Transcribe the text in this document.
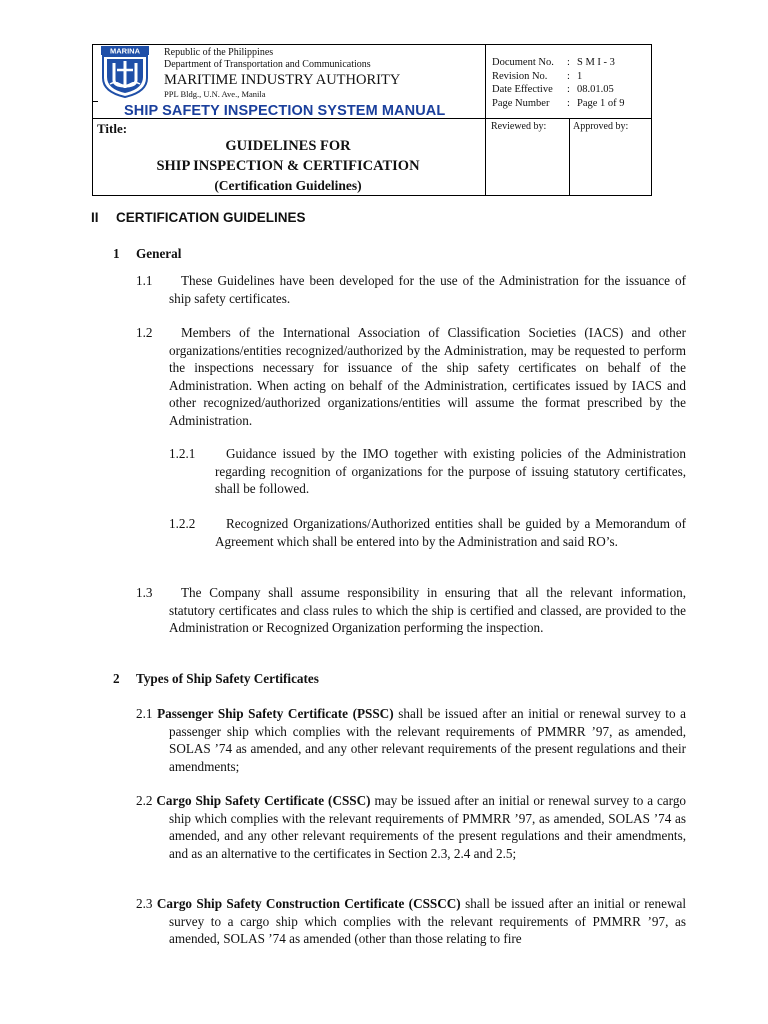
MARINA Republic of the Philippines
Department of Transportation and Communications
MARITIME INDUSTRY AUTHORITY
PPL Bldg., U.N. Ave., Manila
SHIP SAFETY INSPECTION SYSTEM MANUAL
Document No.	:	S M I - 3
Revision No.	:	1
Date Effective	:	08.01.05
Page Number	:	Page 1 of 9
Title:
GUIDELINES FOR
SHIP INSPECTION & CERTIFICATION
(Certification Guidelines)
Reviewed by:	Approved by:
II CERTIFICATION GUIDELINES
1 General
1.1	These Guidelines have been developed for the use of the Administration for the issuance of ship safety certificates.
1.2	Members of the International Association of Classification Societies (IACS) and other organizations/entities recognized/authorized by the Administration, may be requested to perform the inspections necessary for issuance of the ship safety certificates on behalf of the Administration. When acting on behalf of the Administration, certificates issued by IACS and other recognized/authorized organizations/entities will assume the format prescribed by the Administration.
1.2.1	Guidance issued by the IMO together with existing policies of the Administration regarding recognition of organizations for the purpose of issuing statutory certificates, shall be followed.
1.2.2	Recognized Organizations/Authorized entities shall be guided by a Memorandum of Agreement which shall be entered into by the Administration and said RO’s.
1.3	The Company shall assume responsibility in ensuring that all the relevant information, statutory certificates and class rules to which the ship is certified and classed, are provided to the Administration or Recognized Organization performing the inspection.
2 Types of Ship Safety Certificates
2.1 Passenger Ship Safety Certificate (PSSC) shall be issued after an initial or renewal survey to a passenger ship which complies with the relevant requirements of PMMRR ’97, as amended, SOLAS ’74 as amended, and any other relevant requirements of the present regulations and their amendments;
2.2 Cargo Ship Safety Certificate (CSSC) may be issued after an initial or renewal survey to a cargo ship which complies with the relevant requirements of PMMRR ’97, as amended, SOLAS ’74 as amended, and any other relevant requirements of the present regulations and their amendments, and as an alternative to the certificates in Section 2.3, 2.4 and 2.5;
2.3 Cargo Ship Safety Construction Certificate (CSSCC) shall be issued after an initial or renewal survey to a cargo ship which complies with the relevant requirements of PMMRR ’97, as amended, SOLAS ’74 as amended (other than those relating to fire
